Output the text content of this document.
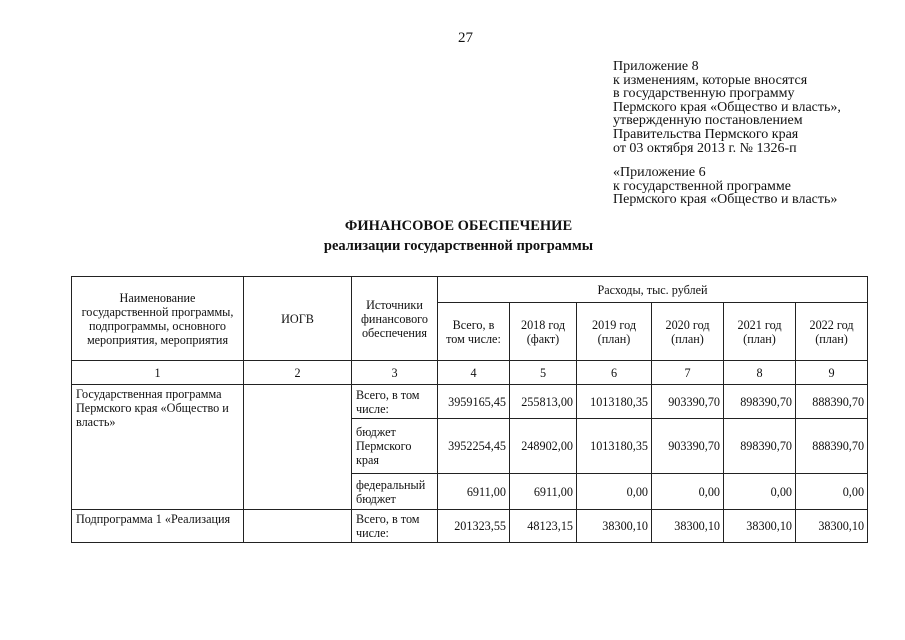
27
Приложение 8
к изменениям, которые вносятся
в государственную программу
Пермского края «Общество и власть»,
утвержденную постановлением
Правительства Пермского края
от 03 октября 2013 г. № 1326-п
«Приложение 6
к государственной программе
Пермского края «Общество и власть»
ФИНАНСОВОЕ ОБЕСПЕЧЕНИЕ
реализации государственной программы
Наименование государственной программы, подпрограммы, основного мероприятия, мероприятия	ИОГВ	Источники финансового обеспечения	Расходы, тыс. рублей					
			Всего, в том числе:	2018 год (факт)	2019 год (план)	2020 год (план)	2021 год (план)	2022 год (план)
1	2	3	4	5	6	7	8	9
Государственная программа Пермского края «Общество и власть»		Всего, в том числе:	3959165,45	255813,00	1013180,35	903390,70	898390,70	888390,70
		бюджет Пермского края	3952254,45	248902,00	1013180,35	903390,70	898390,70	888390,70
		федеральный бюджет	6911,00	6911,00	0,00	0,00	0,00	0,00
Подпрограмма 1 «Реализация		Всего, в том числе:	201323,55	48123,15	38300,10	38300,10	38300,10	38300,10
